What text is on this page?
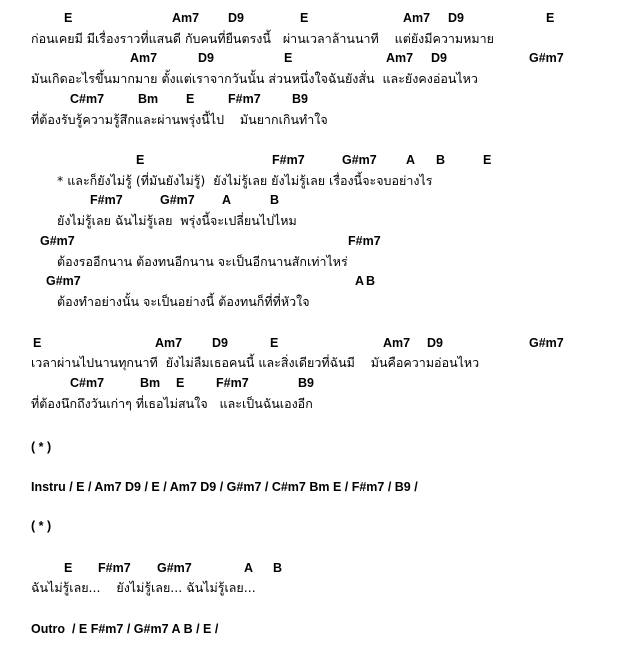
E

	Am7

D9

	E

	Am7

D9

	E

ก่อนเคยมี มีเรื่องราวที่แสนดี กับคนที่ยืนตรงนี้   ผ่านเวลาล้านนาที    แต่ยังมีความหมาย

Am7

	D9

	E

	Am7

D9

	G#m7

มันเกิดอะไรขึ้นมากมาย ตั้งแต่เราจากวันนั้น ส่วนหนึ่งใจฉันยังสั่น  และยังคงอ่อนไหว

C#m7

	Bm

E

	F#m7

	B9

ที่ต้องรับรู้ความรู้สึกและผ่านพรุ่งนี้ไป    มันยากเกินทำใจ

E

	F#m7

	G#m7

A

B

	E

* และก็ยังไม่รู้ (ที่มันยังไม่รู้)  ยังไม่รู้เลย ยังไม่รู้เลย เรื่องนี้จะจบอย่างไร

F#m7

	G#m7

A

	B

ยังไม่รู้เลย ฉันไม่รู้เลย  พรุ่งนี้จะเปลี่ยนไปไหม

G#m7

	F#m7

ต้องรออีกนาน ต้องทนอีกนาน จะเป็นอีกนานสักเท่าไหร่

G#m7

	A

B

ต้องทำอย่างนั้น จะเป็นอย่างนี้ ต้องทนก็ที่ที่หัวใจ

E

	Am7

D9

	E

	Am7

D9

	G#m7

เวลาผ่านไปนานทุกนาที  ยังไม่ลืมเธอคนนี้ และสิ่งเดียวที่ฉันมี    มันคือความอ่อนไหว

C#m7

	Bm

E

	F#m7

	B9

ที่ต้องนึกถึงวันเก่าๆ ที่เธอไม่สนใจ   และเป็นฉันเองอีก
( * )
Instru / E / Am7 D9 / E / Am7 D9 / G#m7 / C#m7 Bm E / F#m7 / B9 /
( * )

E

F#m7

G#m7

	A

B

ฉันไม่รู้เลย...    ยังไม่รู้เลย... ฉันไม่รู้เลย...
Outro  / E F#m7 / G#m7 A B / E /
